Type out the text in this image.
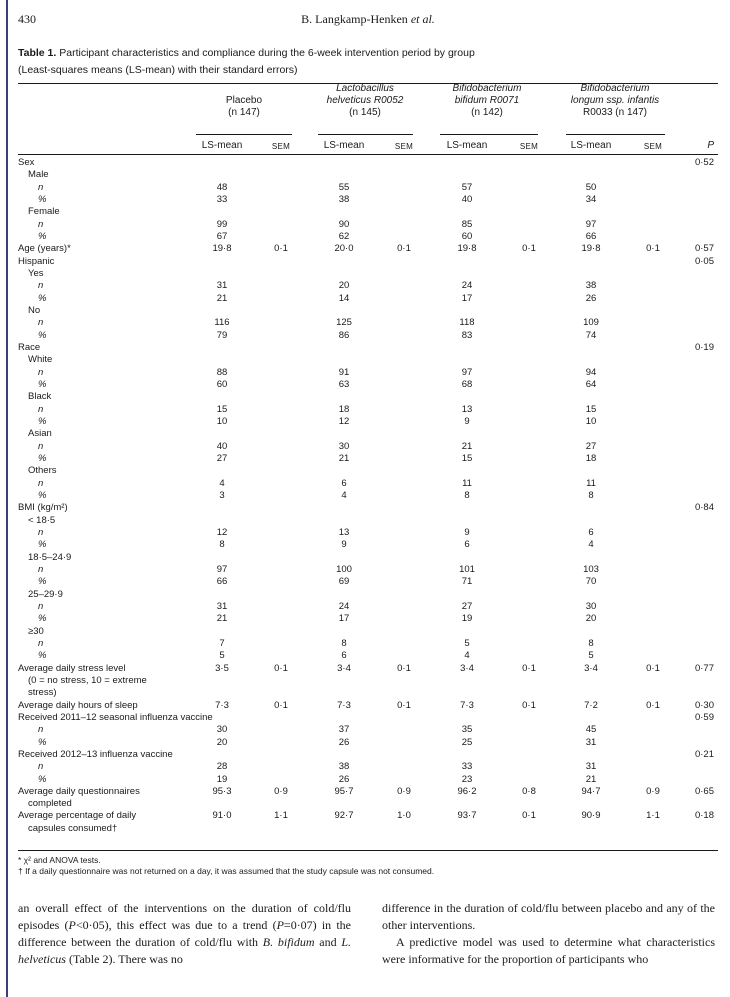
430	B. Langkamp-Henken et al.
Table 1. Participant characteristics and compliance during the 6-week intervention period by group
(Least-squares means (LS-mean) with their standard errors)
Placebo
(n 147)
Lactobacillus
helveticus R0052
(n 145)
Bifidobacterium
bifidum R0071
(n 142)
Bifidobacterium
longum ssp. infantis
R0033 (n 147)
LS-mean	SEM	LS-mean	SEM	LS-mean	SEM	LS-mean	SEM	P
Sex	0·52
Male
n	48	55	57	50
%	33	38	40	34
Female
n	99	90	85	97
%	67	62	60	66
Age (years)*	19·8	0·1	20·0	0·1	19·8	0·1	19·8	0·1	0·57
Hispanic	0·05
Yes
n	31	20	24	38
%	21	14	17	26
No
n	116	125	118	109
%	79	86	83	74
Race	0·19
White
n	88	91	97	94
%	60	63	68	64
Black
n	15	18	13	15
%	10	12	9	10
Asian
n	40	30	21	27
%	27	21	15	18
Others
n	4	6	11	11
%	3	4	8	8
BMI (kg/m²)	0·84
< 18·5
n	12	13	9	6
%	8	9	6	4
18·5–24·9
n	97	100	101	103
%	66	69	71	70
25–29·9
n	31	24	27	30
%	21	17	19	20
≥30
n	7	8	5	8
%	5	6	4	5
Average daily stress level	3·5	0·1	3·4	0·1	3·4	0·1	3·4	0·1	0·77
(0 = no stress, 10 = extreme
stress)
Average daily hours of sleep	7·3	0·1	7·3	0·1	7·3	0·1	7·2	0·1	0·30
Received 2011–12 seasonal influenza vaccine	0·59
n	30	37	35	45
%	20	26	25	31
Received 2012–13 influenza vaccine	0·21
n	28	38	33	31
%	19	26	23	21
Average daily questionnaires	95·3	0·9	95·7	0·9	96·2	0·8	94·7	0·9	0·65
completed
Average percentage of daily	91·0	1·1	92·7	1·0	93·7	0·1	90·9	1·1	0·18
capsules consumed†
* χ² and ANOVA tests.
† If a daily questionnaire was not returned on a day, it was assumed that the study capsule was not consumed.
an overall effect of the interventions on the duration of cold/flu episodes (P<0·05), this effect was due to a trend (P=0·07) in the difference between the duration of cold/flu with B. bifidum and L. helveticus (Table 2). There was no
difference in the duration of cold/flu between placebo and any of the other interventions.
A predictive model was used to determine what characteristics were informative for the proportion of participants who
